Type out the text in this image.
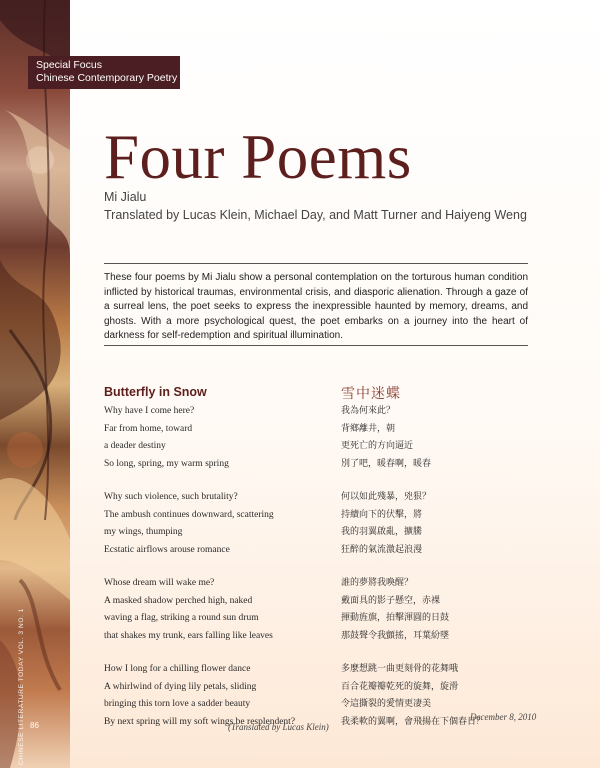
CHINESE LITERATURE TODAY VOL. 3 NO. 1 86
Special Focus
Chinese Contemporary Poetry
Four Poems
Mi Jialu
Translated by Lucas Klein, Michael Day, and Matt Turner and Haiyeng Weng
These four poems by Mi Jialu show a personal contemplation on the torturous human condition inflicted by historical traumas, environmental crisis, and diasporic alienation. Through a gaze of a surreal lens, the poet seeks to express the inexpressible haunted by memory, dreams, and ghosts. With a more psychological quest, the poet embarks on a journey into the heart of darkness for self-redemption and spiritual illumination.
Butterfly in Snow	雪中迷蝶
Why have I come here?
Far from home, toward
a deader destiny
So long, spring, my warm spring
Why such violence, such brutality?
The ambush continues downward, scattering
my wings, thumping
Ecstatic airflows arouse romance
Whose dream will wake me?
A masked shadow perched high, naked
waving a flag, striking a round sun drum
that shakes my trunk, ears falling like leaves
How I long for a chilling flower dance
A whirlwind of dying lily petals, sliding
bringing this torn love a sadder beauty
By next spring will my soft wings be resplendent?
我為何來此？
背鄉離井，朝
更死亡的方向逼近
別了吧，暖春啊，暖春
何以如此殘暴，兇狠？
持續向下的伏擊，將
我的羽翼啟亂，擴騰
狂醉的氣流激起浪漫
誰的夢將我喚醒？
戴面具的影子懸空，赤裸
揮動旌旗，拍擊渾圓的日鼓
那鼓聲令我顫搖，耳葉紛墜
多麼想跳一曲更刻骨的花舞哦
百合花瓣瓣乾死的旋舞，旋滑
令這撕裂的愛情更凄美
我柔軟的翼啊，會飛揚在下個春日？
December 8, 2010
(Translated by Lucas Klein)
